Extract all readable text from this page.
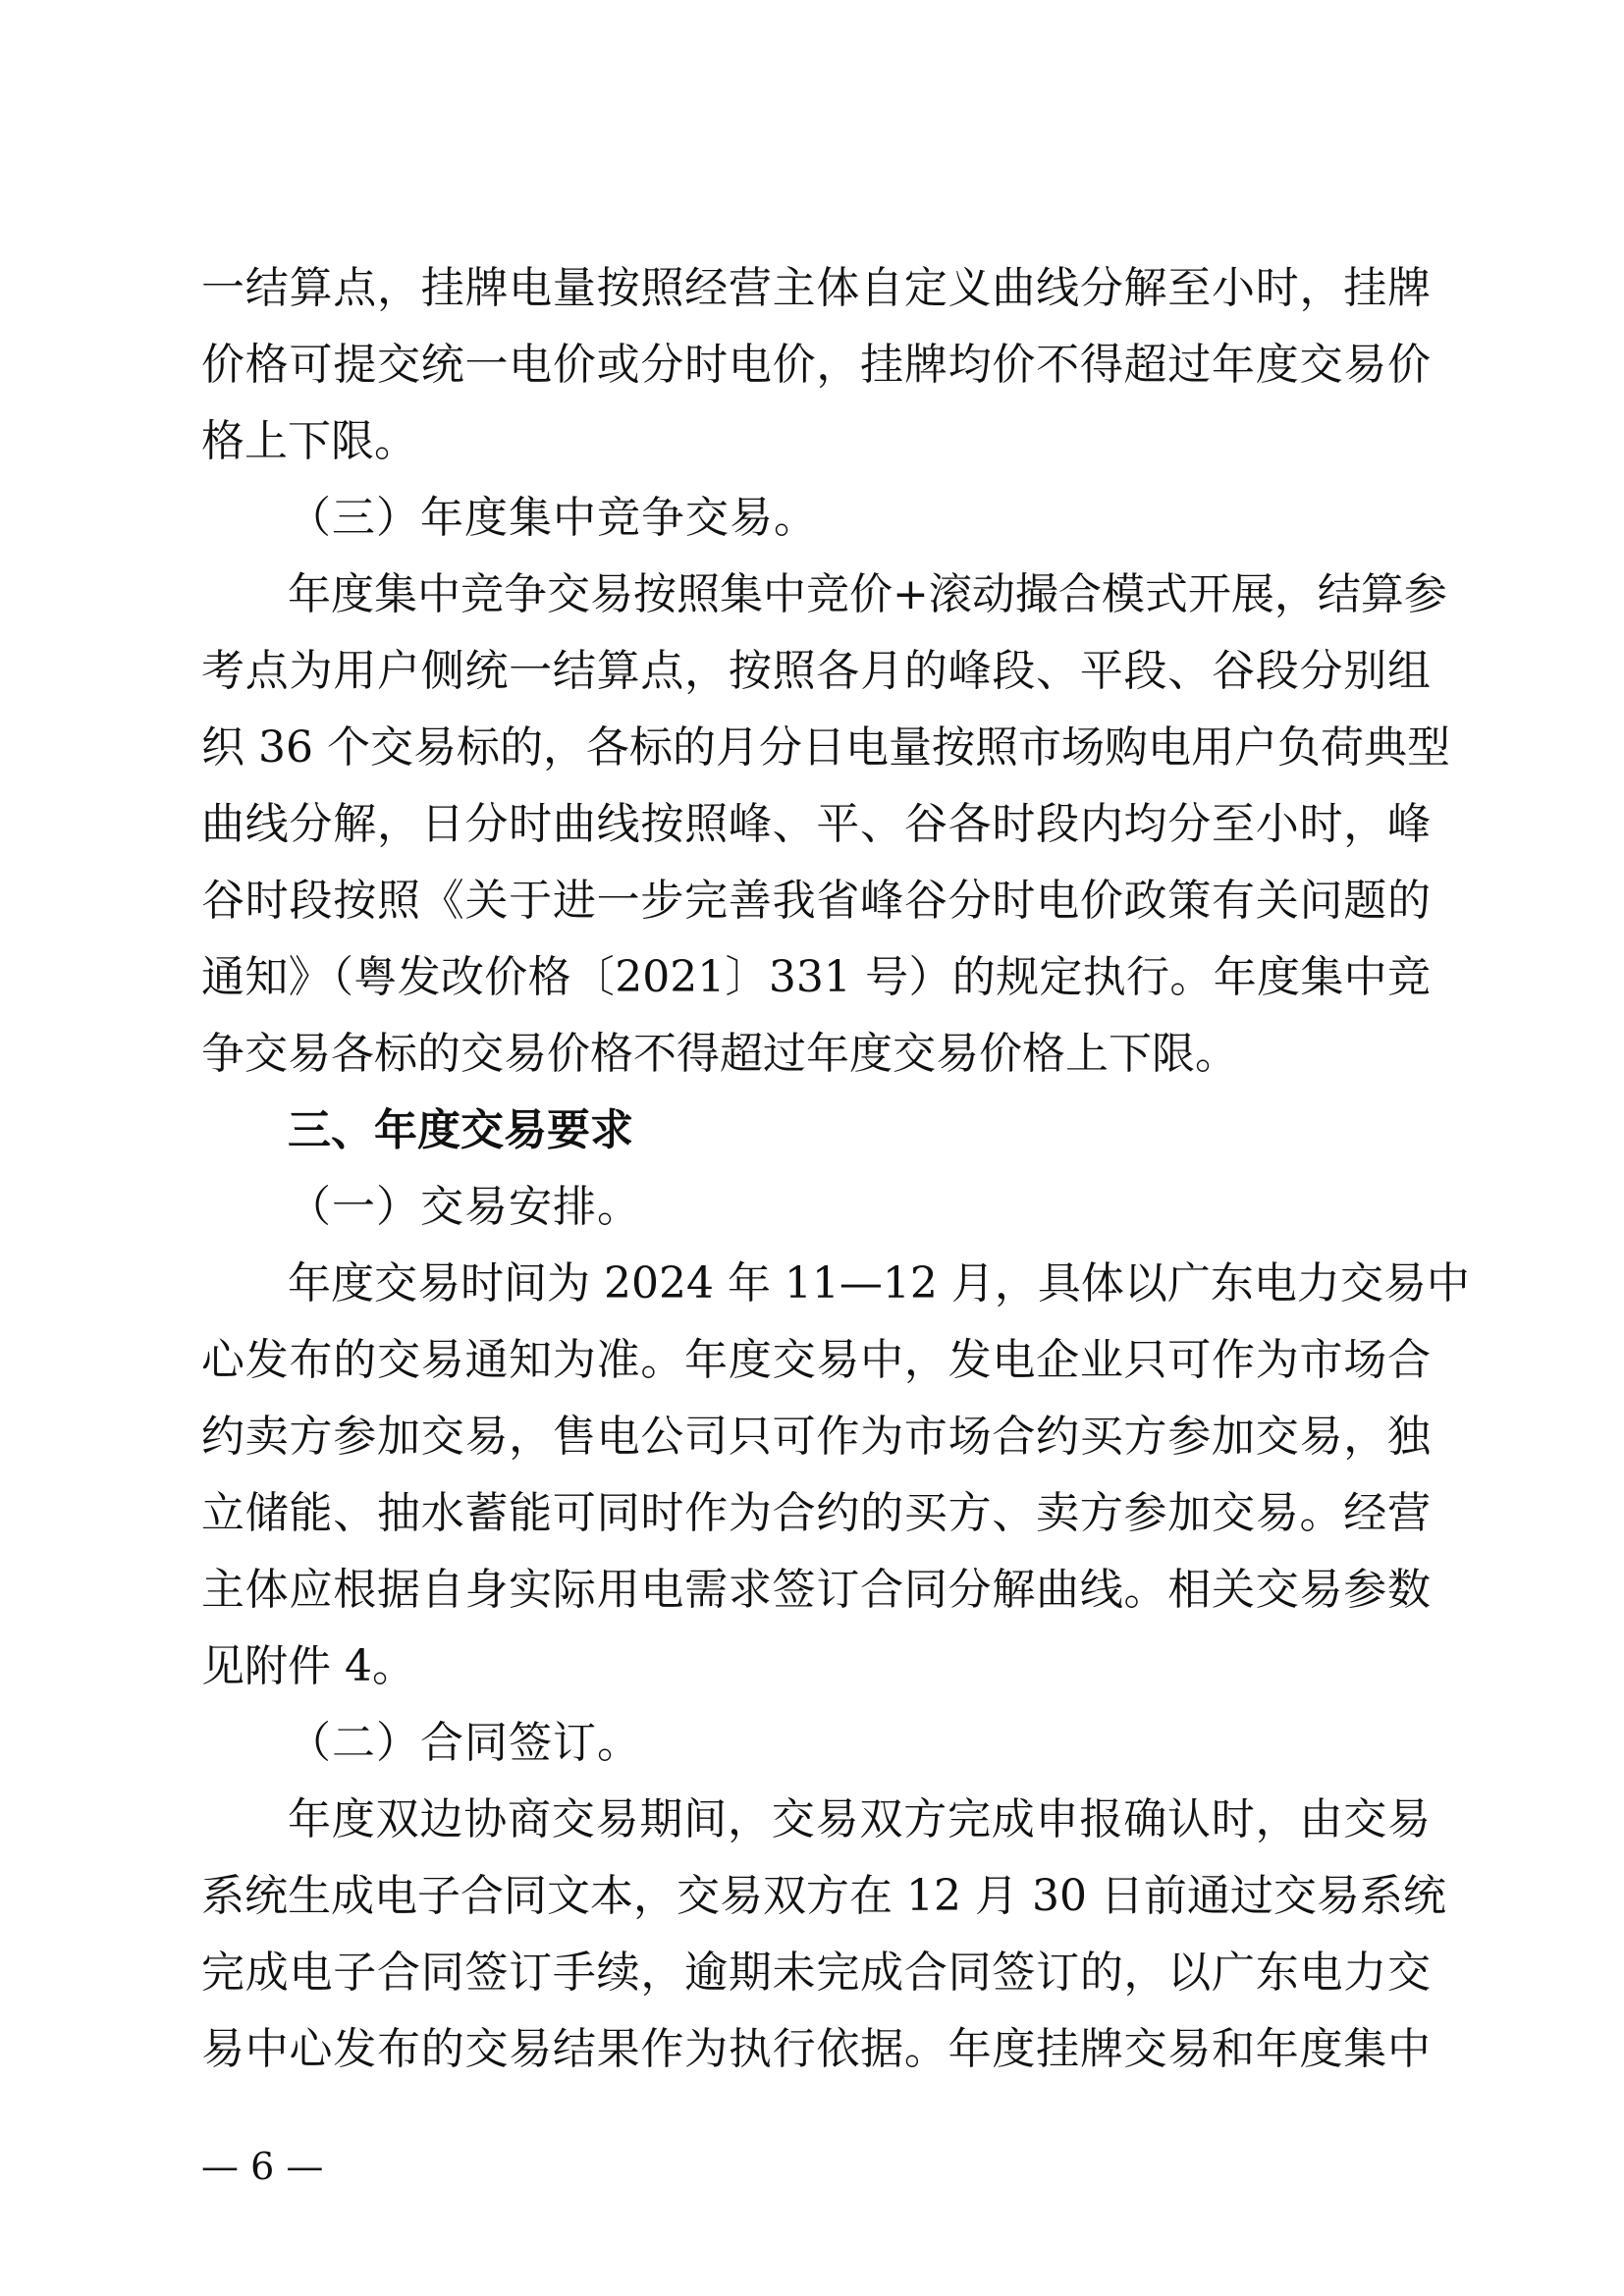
一结算点，挂牌电量按照经营主体自定义曲线分解至小时，挂牌
价格可提交统一电价或分时电价，挂牌均价不得超过年度交易价
格上下限。
（三）年度集中竞争交易。
年度集中竞争交易按照集中竞价+滚动撮合模式开展，结算参
考点为用户侧统一结算点，按照各月的峰段、平段、谷段分别组
织 36 个交易标的，各标的月分日电量按照市场购电用户负荷典型
曲线分解，日分时曲线按照峰、平、谷各时段内均分至小时，峰
谷时段按照《关于进一步完善我省峰谷分时电价政策有关问题的
通知》（粤发改价格〔2021〕331 号）的规定执行。年度集中竞
争交易各标的交易价格不得超过年度交易价格上下限。
三、年度交易要求
（一）交易安排。
年度交易时间为 2024 年 11—12 月，具体以广东电力交易中
心发布的交易通知为准。年度交易中，发电企业只可作为市场合
约卖方参加交易，售电公司只可作为市场合约买方参加交易，独
立储能、抽水蓄能可同时作为合约的买方、卖方参加交易。经营
主体应根据自身实际用电需求签订合同分解曲线。相关交易参数
见附件 4。
（二）合同签订。
年度双边协商交易期间，交易双方完成申报确认时，由交易
系统生成电子合同文本，交易双方在 12 月 30 日前通过交易系统
完成电子合同签订手续，逾期未完成合同签订的，以广东电力交
易中心发布的交易结果作为执行依据。年度挂牌交易和年度集中
— 6 —
